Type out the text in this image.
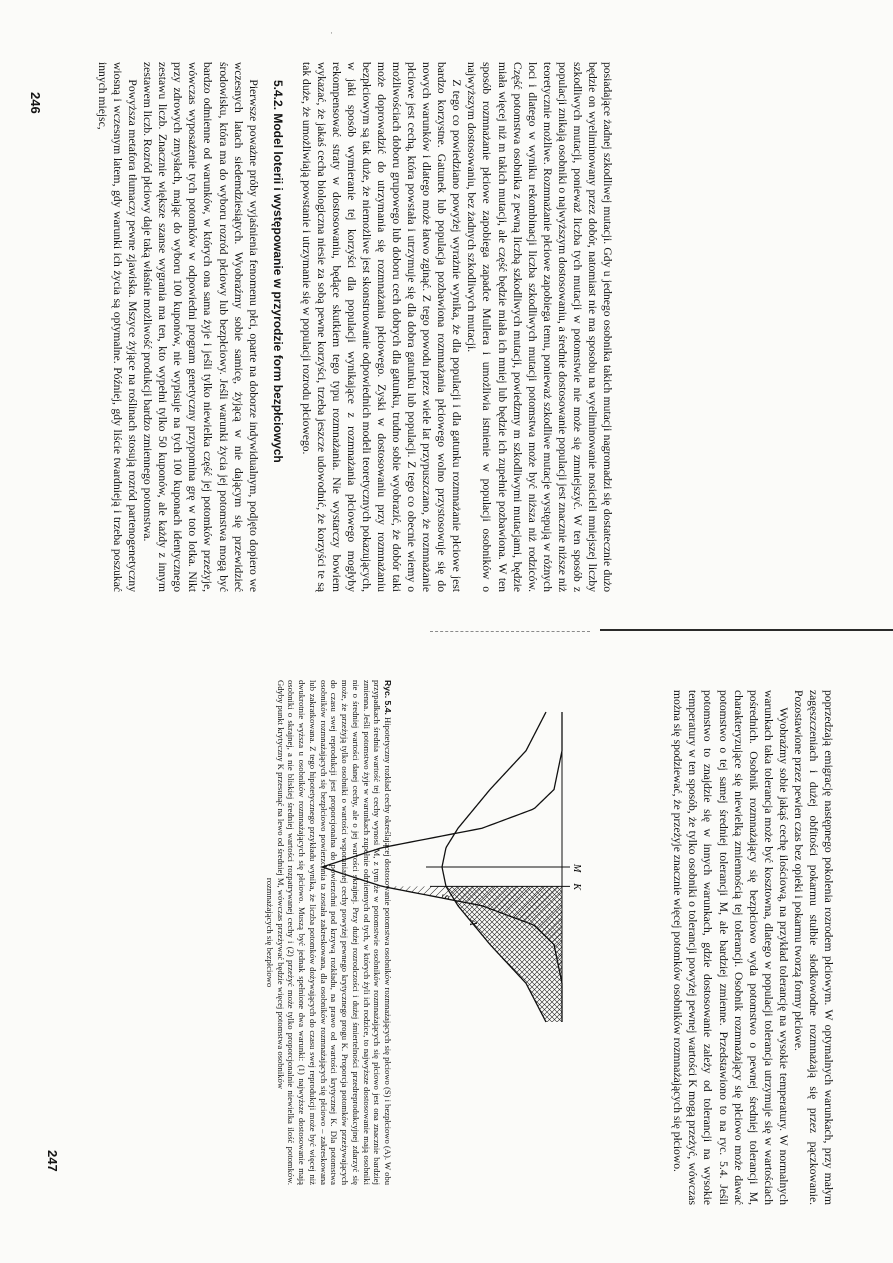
posiadające żadnej szkodliwej mutacji. Gdy u jednego osobnika takich mutacji nagromadzi się dostatecznie dużo będzie on wyeliminowany przez dobór, natomiast nie ma sposobu na wyeliminowanie nosicieli mniejszej liczby szkodliwych mutacji, ponieważ liczba tych mutacji w potomstwie nie może się zmniejszyć. W ten sposób z populacji znikają osobniki o najwyższym dostosowaniu, a średnie dostosowanie populacji jest znacznie niższe niż teoretycznie możliwe. Rozmnażanie płciowe zapobiega temu, ponieważ szkodliwe mutacje występują w różnych loci i dlatego w wyniku rekombinacji liczba szkodliwych mutacji potomstwa może być niższa niż rodziców. Część potomstwa osobnika z pewną liczbą szkodliwych mutacji, powiedzmy m szkodliwymi mutacjami, będzie miała więcej niż m takich mutacji, ale część będzie miała ich mniej lub będzie ich zupełnie pozbawiona. W ten sposób rozmnażanie płciowe zapobiega zapadce Mullera i umożliwia istnienie w populacji osobników o najwyższym dostosowaniu, bez żadnych szkodliwych mutacji.

Z tego co powiedziano powyżej wyrażnie wynika, że dla populacji i dla gatunku rozmnażanie płciowe jest bardzo korzystne. Gatunek lub populacja pozbawiona rozmnażania płciowego wolno przystosowuje się do nowych warunków i dlatego może łatwo zginąć. Z tego powodu przez wiele lat przypuszczano, że rozmnażanie płciowe jest cechą, która powstała i utrzymuje się dla dobra gatunku lub populacji. Z tego co obecnie wiemy o możliwościach doboru grupowego lub doboru cech dobrych dla gatunku, trudno sobie wyobrazić, że dobór taki może doprowadzić do utrzymania się rozmnażania płciowego. Zyski w dostosowaniu przy rozmnażaniu bezpłciowym są tak duże, że niemożliwe jest skonstruowanie odpowiednich modeli teoretycznych pokazujących, w jaki sposób wymieranie tej korzyści dla populacji wynikające z rozmnażania płciowego mogłyby rekompensować straty w dostosowaniu, będące skutkiem tego typu rozmnażania. Nie wystarczy bowiem wykazać, że jakaś cecha biologiczna niesie za sobą pewne korzyści, trzeba jeszcze udowodnić, że korzyści te są tak duże, że umożliwiają powstanie i utrzymanie się w populacji rozrodu płciowego.

5.4.2. Model loterii i występowanie w przyrodzie form bezpłciowych

Pierwsze poważne próby wyjaśnienia fenomenu płci, oparte na doborze indywidualnym, podjęto dopiero we wczesnych latach siedemdziesiątych. Wyobraźmy sobie samicę, żyjącą w nie dającym się przewidzieć środowisku, która ma do wyboru rozród płciowy lub bezpłciowy. Jeśli warunki życia jej potomstwa mogą być bardzo odmienne od warunków, w których ona sama żyje i jeśli tylko niewielka część jej potomków przeżyje, wówczas wyposażenie tych potomków w odpowiedni program genetyczny przypomina grę w toto lotka. Nikt przy zdrowych zmysłach, mając do wyboru 100 kuponów, nie wypisuje na tych 100 kuponach identycznego zestawu liczb. Znacznie większe szanse wygrania ma ten, kto wypełni tylko 50 kuponów, ale każdy z innym zestawem liczb. Rozród płciowy daje taką właśnie możliwość produkcji bardzo zmiennego potomstwa.

Powyższa metafora tłumaczy pewne zjawiska. Mszyce żyjące na roślinach stosują rozród partenogenetyczny wiosną i wczesnym latem, gdy warunki ich życia są optymalne. Później, gdy liście twardnieją i trzeba poszukać innych miejsc,

246
·

poprzedzają emigrację następnego pokolenia rozrodem płciowym. W optymalnych warunkach, przy małym zagęszczeniach i dużej obfitości pokarmu stułbie słodkowodne rozmnażają się przez pączkowanie. Pozostawione przez pewien czas bez opieki i pokarmu tworzą formy płciowe.

Wyobraźmy sobie jakąś cechę ilościową, na przykład tolerancję na wysokie temperatury. W normalnych warunkach taka tolerancja może być kosztowna, dlatego w populacji tolerancja utrzymuje się w wartościach pośrednich. Osobnik rozmnażający się bezpłciowo wyda potomstwo o pewnej średniej tolerancji M, charakteryzujące się niewielką zmiennością tej tolerancji. Osobnik rozmnażający się płciowo może dawać potomstwo o tej samej średniej tolerancji M, ale bardziej zmienne. Przedstawiono to na ryc. 5.4. Jeśli potomstwo to znajdzie się w innych warunkach, gdzie dostosowanie zależy od tolerancji na wysokie temperatury w ten sposób, że tylko osobniki o tolerancji powyżej pewnej wartości K mogą przeżyć, wówczas można się spodziewać, że przeżyje znacznie więcej potomków osobników rozmnażających się płciowo.

A
S
M
K

Ryc. 5.4. Hipotetyczny rozkład cechy określającej dostosowanie potomstwa osobników rozmnażających się płciowo (S) i bezpłciowo (A). W obu przypadkach średnia wartość tej cechy wynosi M, z tym że w potomstwie osobników rozmnażających się płciowo jest ona znacznie bardziej zmienna. Jeśli potomstwo żyje w warunkach zupełnie odmiennych od tych, w których żyli ich rodzice, to najwyższe dostosowanie mają osobniki nie o średniej wartości danej cechy, ale o jej wartości skrajnej. Przy dużej rozrodczości i dużej śmiertelności przedreprodukcyjnej zdarzyć się może, że przeżyją tylko osobniki o wartości wspomnianej cechy powyżej pewnego krytycznego progu K. Proporcja potomków przeżywających do czasu swej reprodukcji jest proporcjonalna do powierzchni pod krzywą rozkładu, na prawo od wartości krytycznej K. Dla potomstwa osobników rozmnażających się bezpłciowo powierzchnia ta została zakreskowana, dla osobników rozmnażających się płciowo – zakreskowana lub zakratkowana. Z tego hipotetycznego przykładu wynika, że liczba potomków dożywających do czasu swej reprodukcji może być więcej niż dwukrotnie wyższa u osobników rozmnażających się płciowo. Muszą być jednak spełnione dwa warunki: (1) najwyższe dostosowanie mają osobniki o skrajnej, a nie bliskiej średniej wartości rozpatrywanej cechy i (2) przeżyć może tylko proporcjonalnie niewielka ilość potomków. Gdyby punkt krytyczny K przesunąć na lewo od średniej M, wówczas przeżywać będzie więcej potomstwa osobników

rozmnażających się bezpłciowo

247
